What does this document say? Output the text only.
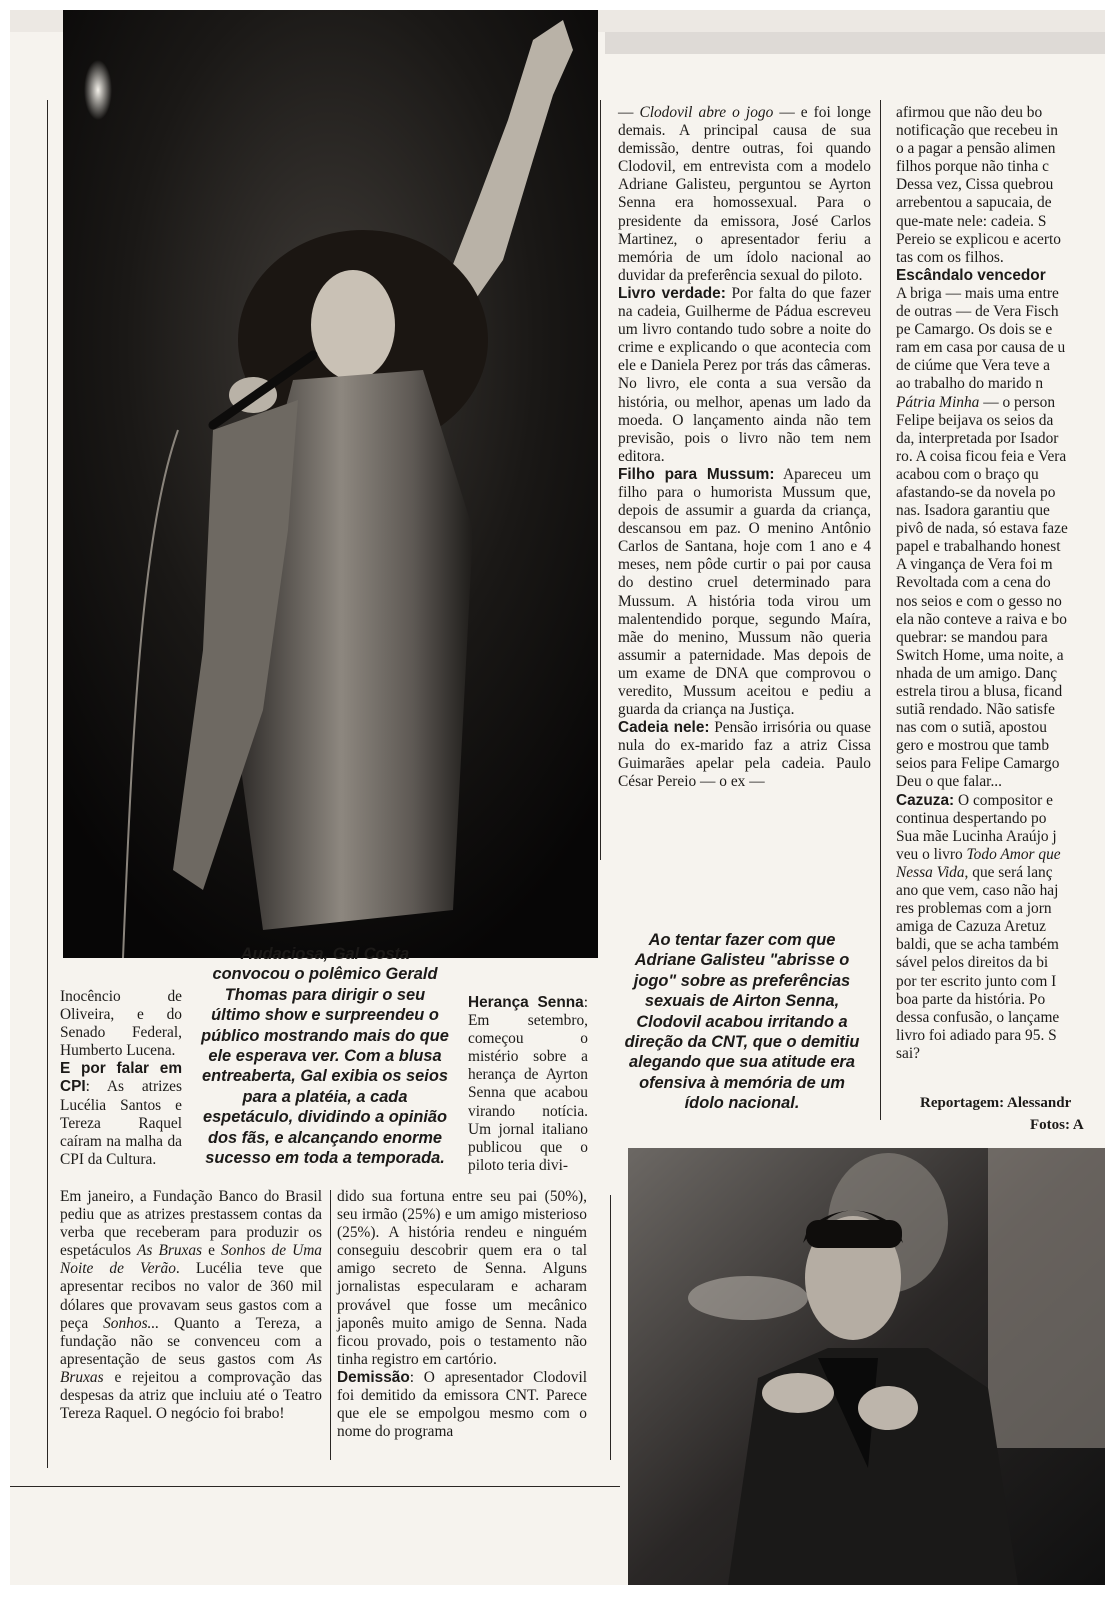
Inocêncio de Oliveira, e do Senado Federal, Humberto Lucena.

E por falar em CPI: As atrizes Lucélia Santos e Tereza Raquel caíram na malha da CPI da Cultura.

Em janeiro, a Fundação Banco do Brasil pediu que as atrizes prestassem contas da verba que receberam para produzir os espetáculos As Bruxas e Sonhos de Uma Noite de Verão. Lucélia teve que apresentar recibos no valor de 360 mil dólares que provavam seus gastos com a peça Sonhos... Quanto a Tereza, a fundação não se convenceu com a apresentação de seus gastos com As Bruxas e rejeitou a comprovação das despesas da atriz que incluiu até o Teatro Tereza Raquel. O negócio foi brabo!

Audaciosa, Gal Costa convocou o polêmico Gerald Thomas para dirigir o seu último show e surpreendeu o público mostrando mais do que ele esperava ver. Com a blusa entreaberta, Gal exibia os seios para a platéia, a cada espetáculo, dividindo a opinião dos fãs, e alcançando enorme sucesso em toda a temporada.

Herança Senna: Em setembro, começou o mistério sobre a herança de Ayrton Senna que acabou virando notícia. Um jornal italiano publicou que o piloto teria divi-

dido sua fortuna entre seu pai (50%), seu irmão (25%) e um amigo misterioso (25%). A história rendeu e ninguém conseguiu descobrir quem era o tal amigo secreto de Senna. Alguns jornalistas especularam e acharam provável que fosse um mecânico japonês muito amigo de Senna. Nada ficou provado, pois o testamento não tinha registro em cartório.

Demissão: O apresentador Clodovil foi demitido da emissora CNT. Parece que ele se empolgou mesmo com o nome do programa

— Clodovil abre o jogo — e foi longe demais. A principal causa de sua demissão, dentre outras, foi quando Clodovil, em entrevista com a modelo Adriane Galisteu, perguntou se Ayrton Senna era homossexual. Para o presidente da emissora, José Carlos Martinez, o apresentador feriu a memória de um ídolo nacional ao duvidar da preferência sexual do piloto.

Livro verdade: Por falta do que fazer na cadeia, Guilherme de Pádua escreveu um livro contando tudo sobre a noite do crime e explicando o que acontecia com ele e Daniela Perez por trás das câmeras. No livro, ele conta a sua versão da história, ou melhor, apenas um lado da moeda. O lançamento ainda não tem previsão, pois o livro não tem nem editora.

Filho para Mussum: Apareceu um filho para o humorista Mussum que, depois de assumir a guarda da criança, descansou em paz. O menino Antônio Carlos de Santana, hoje com 1 ano e 4 meses, nem pôde curtir o pai por causa do destino cruel determinado para Mussum. A história toda virou um malentendido porque, segundo Maíra, mãe do menino, Mussum não queria assumir a paternidade. Mas depois de um exame de DNA que comprovou o veredito, Mussum aceitou e pediu a guarda da criança na Justiça.

Cadeia nele: Pensão irrisória ou quase nula do ex-marido faz a atriz Cissa Guimarães apelar pela cadeia. Paulo César Pereio — o ex —

Ao tentar fazer com que Adriane Galisteu "abrisse o jogo" sobre as preferências sexuais de Airton Senna, Clodovil acabou irritando a direção da CNT, que o demitiu alegando que sua atitude era ofensiva à memória de um ídolo nacional.

afirmou que não deu bo

notificação que recebeu in

o a pagar a pensão alimen

filhos porque não tinha c

Dessa vez, Cissa quebrou

arrebentou a sapucaia, de

que-mate nele: cadeia. S

Pereio se explicou e acerto

tas com os filhos.

Escândalo vencedor

A briga — mais uma entre

de outras — de Vera Fisch

pe Camargo. Os dois se e

ram em casa por causa de u

de ciúme que Vera teve a

ao trabalho do marido n

Pátria Minha — o person

Felipe beijava os seios da

da, interpretada por Isador

ro. A coisa ficou feia e Vera

acabou com o braço qu

afastando-se da novela po

nas. Isadora garantiu que

pivô de nada, só estava faze

papel e trabalhando honest

A vingança de Vera foi m

Revoltada com a cena do

nos seios e com o gesso no

ela não conteve a raiva e bo

quebrar: se mandou para

Switch Home, uma noite, a

nhada de um amigo. Danç

estrela tirou a blusa, ficand

sutiã rendado. Não satisfe

nas com o sutiã, apostou

gero e mostrou que tamb

seios para Felipe Camargo

Deu o que falar...

Cazuza: O compositor e

continua despertando po

Sua mãe Lucinha Araújo j

veu o livro Todo Amor que

Nessa Vida, que será lanç

ano que vem, caso não haj

res problemas com a jorn

amiga de Cazuza Aretuz

baldi, que se acha também

sável pelos direitos da bi

por ter escrito junto com I

boa parte da história. Po

dessa confusão, o lançame

livro foi adiado para 95. S

sai?

Reportagem: Alessandr
Fotos: A
